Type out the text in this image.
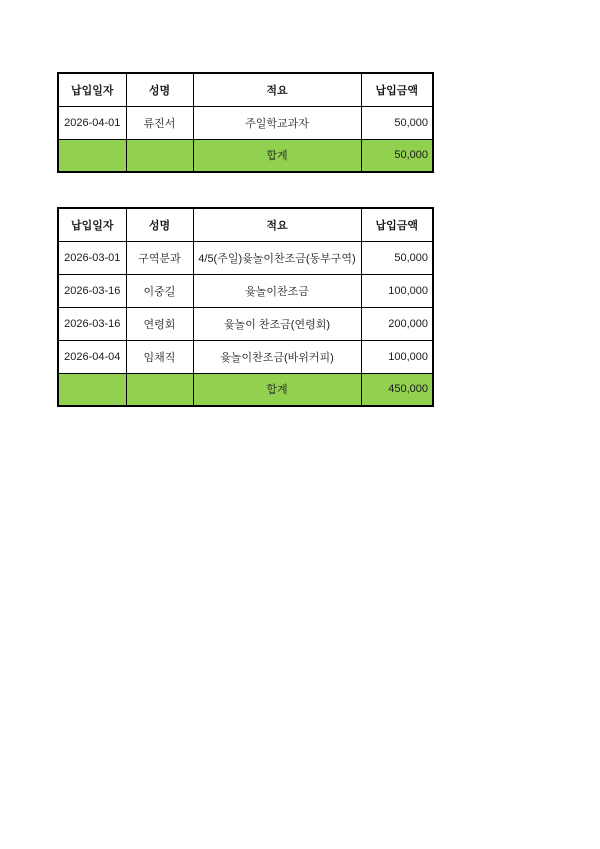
납입일자	성명	적요	납입금액
2026-04-01	류진서	주일학교과자	50,000
		합계	50,000
납입일자	성명	적요	납입금액
2026-03-01	구역분과	4/5(주일)윷놀이찬조금(동부구역)	50,000
2026-03-16	이중길	윷놀이찬조금	100,000
2026-03-16	연령회	윷놀이 찬조금(연령회)	200,000
2026-04-04	임채직	윷놀이찬조금(바위커피)	100,000
		합계	450,000
